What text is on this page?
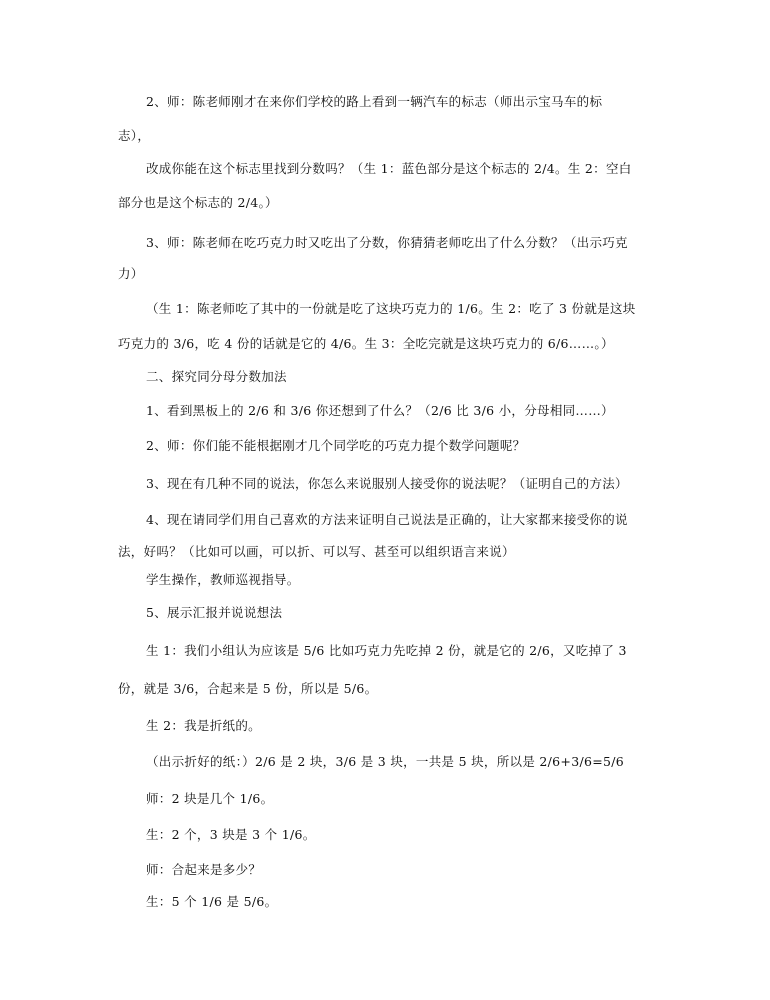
2、师：陈老师刚才在来你们学校的路上看到一辆汽车的标志（师出示宝马车的标
志），
改成你能在这个标志里找到分数吗？（生 1：蓝色部分是这个标志的 2/4。生 2：空白
部分也是这个标志的 2/4。）
3、师：陈老师在吃巧克力时又吃出了分数，你猜猜老师吃出了什么分数？（出示巧克
力）
（生 1：陈老师吃了其中的一份就是吃了这块巧克力的 1/6。生 2：吃了 3 份就是这块
巧克力的 3/6，吃 4 份的话就是它的 4/6。生 3：全吃完就是这块巧克力的 6/6……。）
二、探究同分母分数加法
1、看到黑板上的 2/6 和 3/6 你还想到了什么？（2/6 比 3/6 小，分母相同……）
2、师：你们能不能根据刚才几个同学吃的巧克力提个数学问题呢？
3、现在有几种不同的说法，你怎么来说服别人接受你的说法呢？（证明自己的方法）
4、现在请同学们用自己喜欢的方法来证明自己说法是正确的，让大家都来接受你的说
法，好吗？（比如可以画，可以折、可以写、甚至可以组织语言来说）
学生操作，教师巡视指导。
5、展示汇报并说说想法
生 1：我们小组认为应该是 5/6 比如巧克力先吃掉 2 份，就是它的 2/6，又吃掉了 3
份，就是 3/6，合起来是 5 份，所以是 5/6。
生 2：我是折纸的。
（出示折好的纸：）2/6 是 2 块，3/6 是 3 块，一共是 5 块，所以是 2/6+3/6=5/6
师：2 块是几个 1/6。
生：2 个，3 块是 3 个 1/6。
师：合起来是多少？
生：5 个 1/6 是 5/6。
